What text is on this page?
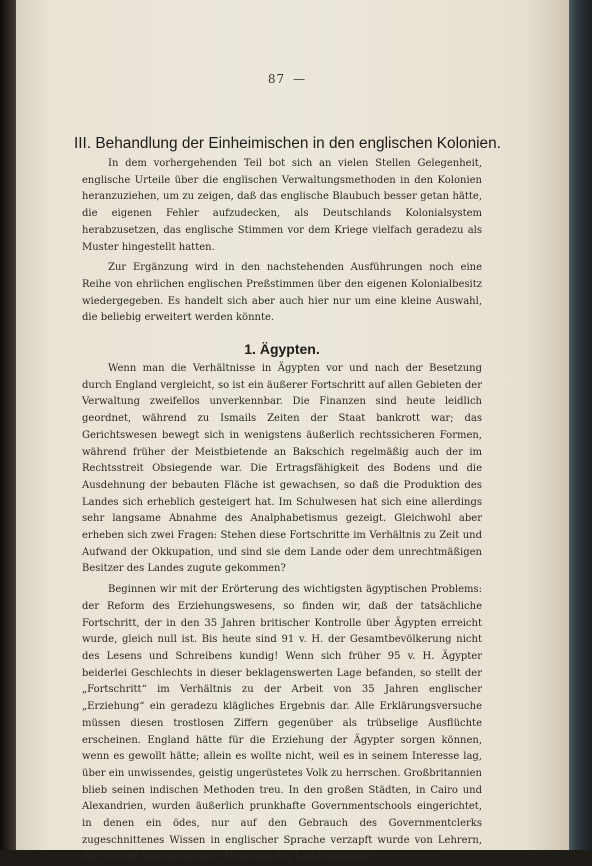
87 —
III. Behandlung der Einheimischen in den englischen Kolonien.

In dem vorhergehenden Teil bot sich an vielen Stellen Gelegenheit, englische Urteile über die englischen Verwaltungsmethoden in den Kolonien heranzuziehen, um zu zeigen, daß das englische Blaubuch besser getan hätte, die eigenen Fehler aufzudecken, als Deutschlands Kolonialsystem herabzusetzen, das englische Stimmen vor dem Kriege vielfach geradezu als Muster hingestellt hatten.

Zur Ergänzung wird in den nachstehenden Ausführungen noch eine Reihe von ehrlichen englischen Preßstimmen über den eigenen Kolonialbesitz wiedergegeben. Es handelt sich aber auch hier nur um eine kleine Auswahl, die beliebig erweitert werden könnte.

1. Ägypten.

Wenn man die Verhältnisse in Ägypten vor und nach der Besetzung durch England vergleicht, so ist ein äußerer Fortschritt auf allen Gebieten der Verwaltung zweifellos unverkennbar. Die Finanzen sind heute leidlich geordnet, während zu Ismails Zeiten der Staat bankrott war; das Gerichtswesen bewegt sich in wenigstens äußerlich rechtssicheren Formen, während früher der Meistbietende an Bakschich regelmäßig auch der im Rechtsstreit Obsiegende war. Die Ertragsfähigkeit des Bodens und die Ausdehnung der bebauten Fläche ist gewachsen, so daß die Produktion des Landes sich erheblich gesteigert hat. Im Schulwesen hat sich eine allerdings sehr langsame Abnahme des Analphabetismus gezeigt. Gleichwohl aber erheben sich zwei Fragen: Stehen diese Fortschritte im Verhältnis zu Zeit und Aufwand der Okkupation, und sind sie dem Lande oder dem unrechtmäßigen Besitzer des Landes zugute gekommen?

Beginnen wir mit der Erörterung des wichtigsten ägyptischen Problems: der Reform des Erziehungswesens, so finden wir, daß der tatsächliche Fortschritt, der in den 35 Jahren britischer Kontrolle über Ägypten erreicht wurde, gleich null ist. Bis heute sind 91 v. H. der Gesamtbevölkerung nicht des Lesens und Schreibens kundig! Wenn sich früher 95 v. H. Ägypter beiderlei Geschlechts in dieser beklagenswerten Lage befanden, so stellt der „Fortschritt“ im Verhältnis zu der Arbeit von 35 Jahren englischer „Erziehung“ ein geradezu klägliches Ergebnis dar. Alle Erklärungsversuche müssen diesen trostlosen Ziffern gegenüber als trübselige Ausflüchte erscheinen. England hätte für die Erziehung der Ägypter sorgen können, wenn es gewollt hätte; allein es wollte nicht, weil es in seinem Interesse lag, über ein unwissendes, geistig ungerüstetes Volk zu herrschen. Großbritannien blieb seinen indischen Methoden treu. In den großen Städten, in Cairo und Alexandrien, wurden äußerlich prunkhafte Governmentschools eingerichtet, in denen ein ödes, nur auf den Gebrauch des Governmentclerks zugeschnittenes Wissen in englischer Sprache verzapft wurde von Lehrern, die in ihrer überwiegenden Mehrzahl der Landessprache
